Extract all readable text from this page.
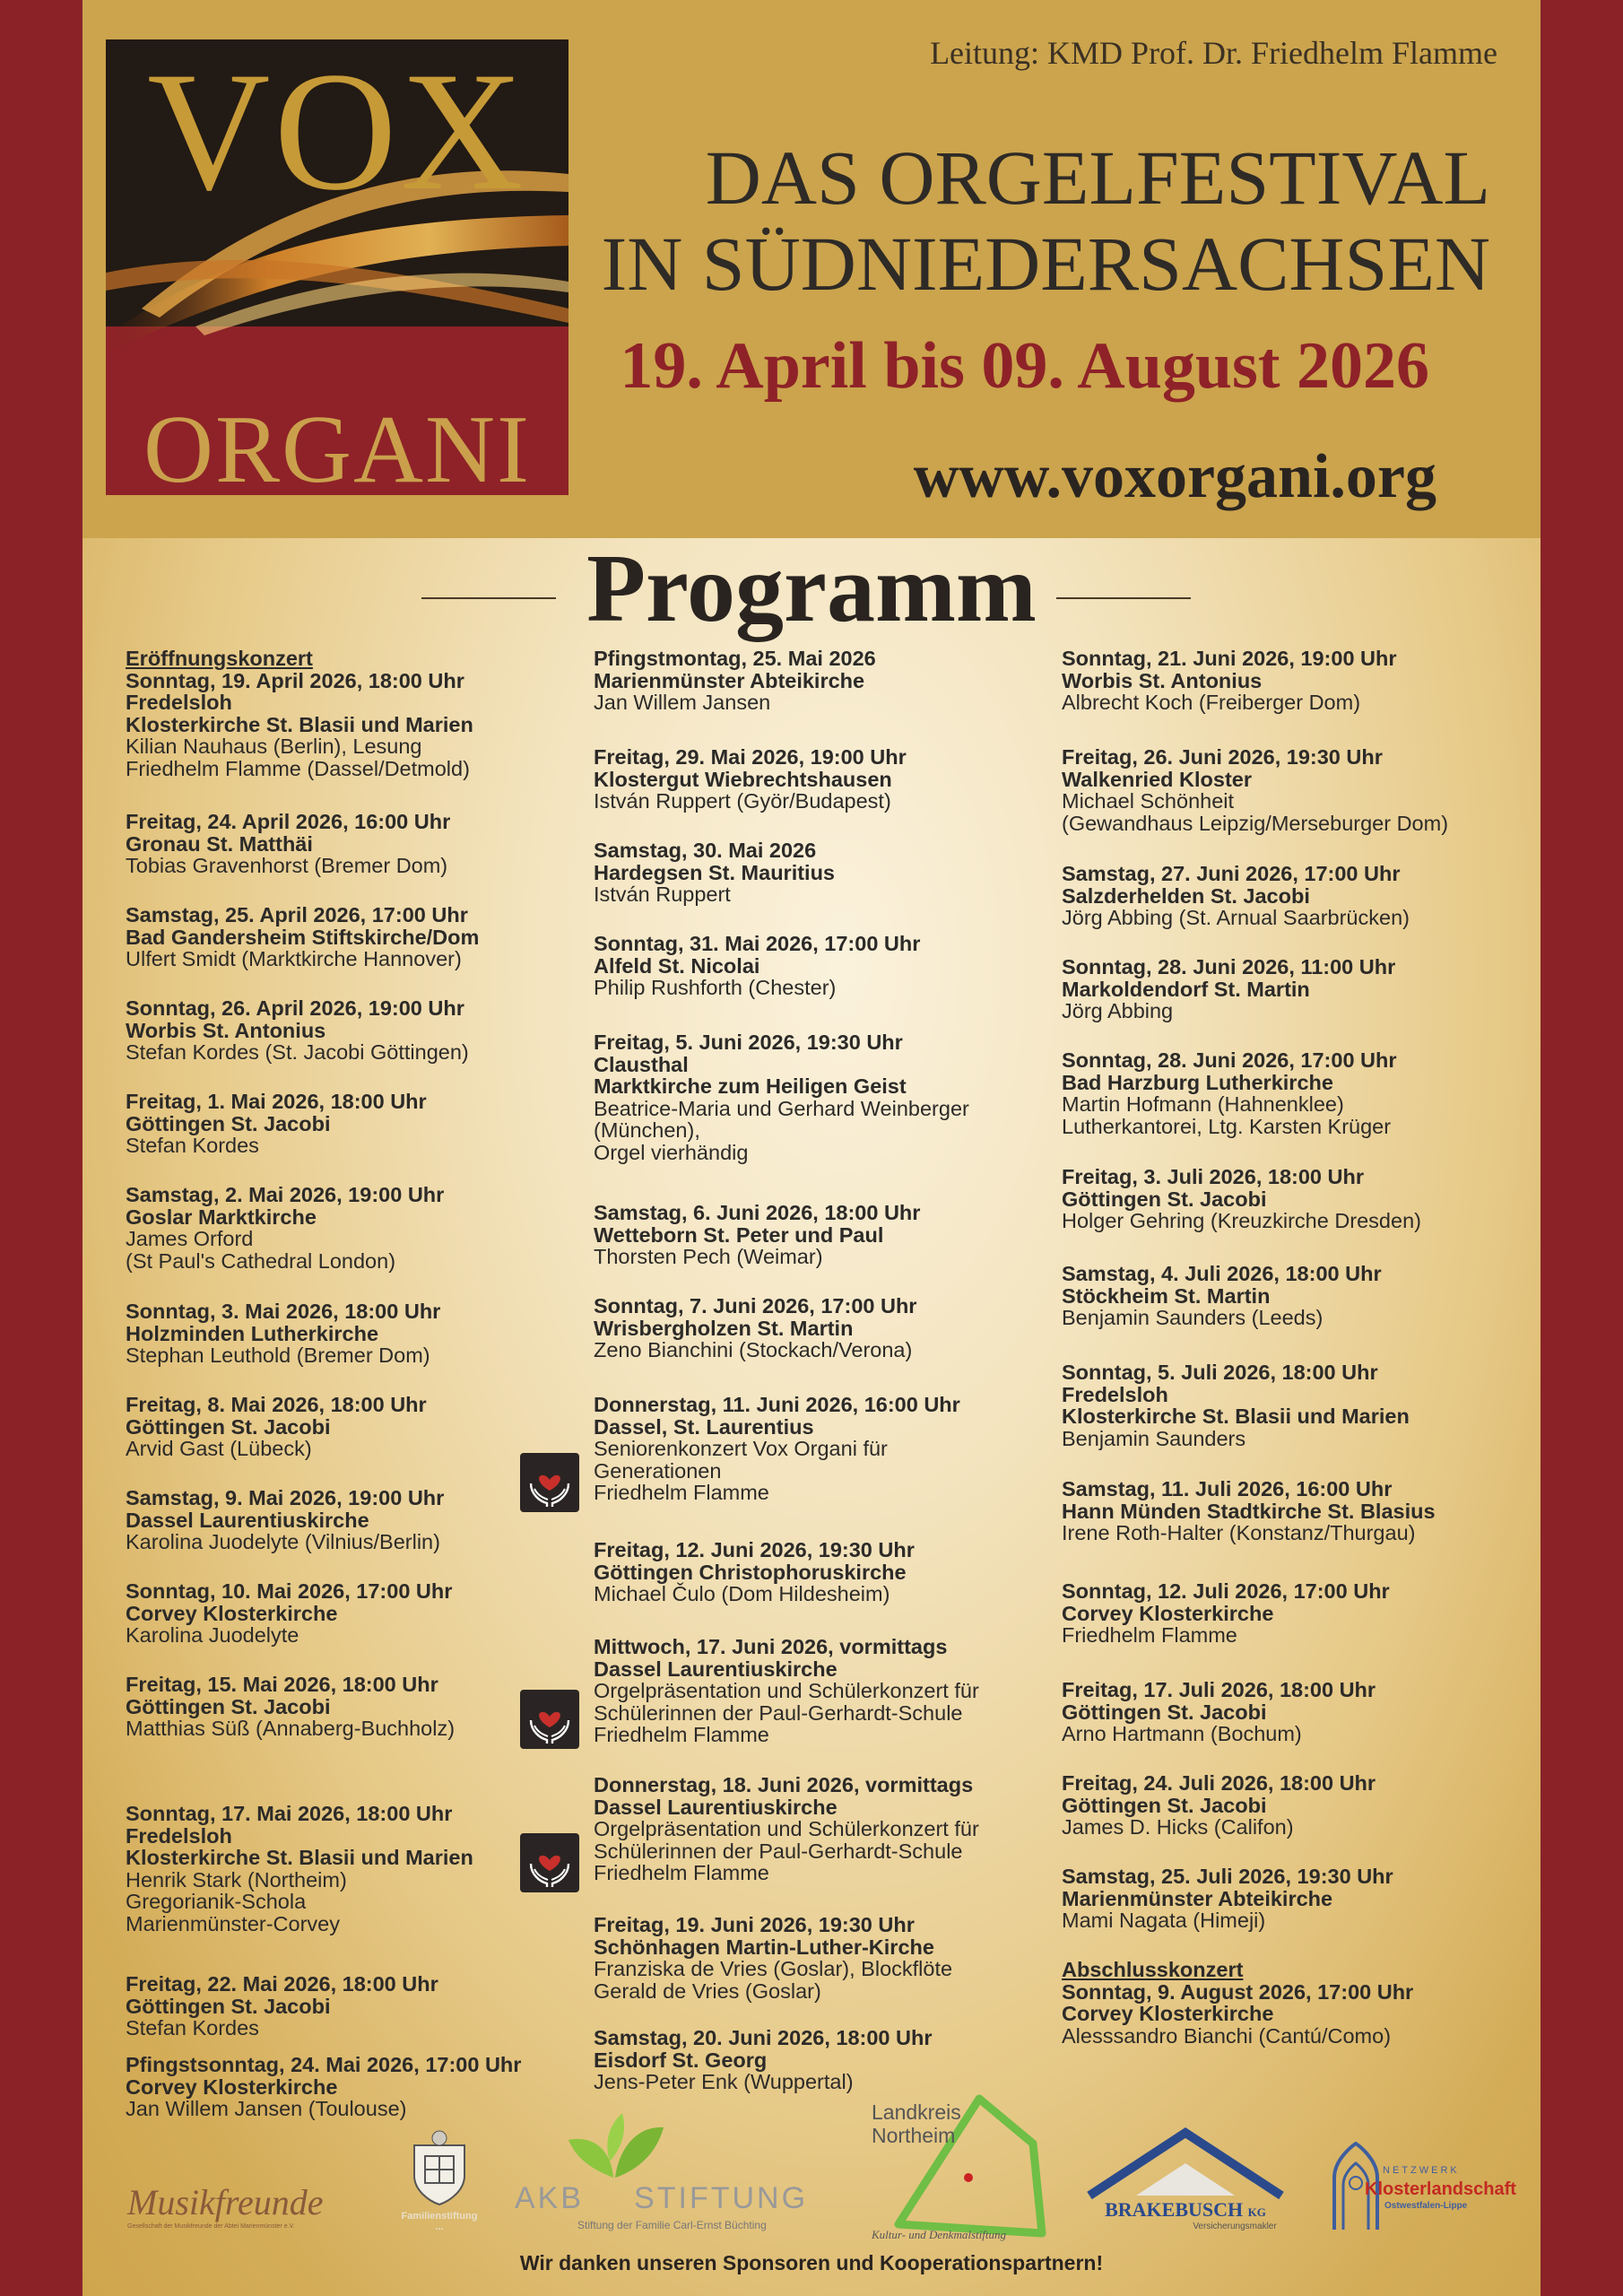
VOX
ORGANI
Leitung: KMD Prof. Dr. Friedhelm Flamme
DAS ORGELFESTIVAL
IN SÜDNIEDERSACHSEN
19. April bis 09. August 2026
www.voxorgani.org
Programm
Eröffnungskonzert
Sonntag, 19. April 2026, 18:00 Uhr
Fredelsloh
Klosterkirche St. Blasii und Marien
Kilian Nauhaus (Berlin), Lesung
Friedhelm Flamme (Dassel/Detmold)
Freitag, 24. April 2026, 16:00 Uhr
Gronau St. Matthäi
Tobias Gravenhorst (Bremer Dom)
Samstag, 25. April 2026, 17:00 Uhr
Bad Gandersheim Stiftskirche/Dom
Ulfert Smidt (Marktkirche Hannover)
Sonntag, 26. April 2026, 19:00 Uhr
Worbis St. Antonius
Stefan Kordes (St. Jacobi Göttingen)
Freitag, 1. Mai 2026, 18:00 Uhr
Göttingen St. Jacobi
Stefan Kordes
Samstag, 2. Mai 2026, 19:00 Uhr
Goslar Marktkirche
James Orford
(St Paul's Cathedral London)
Sonntag, 3. Mai 2026, 18:00 Uhr
Holzminden Lutherkirche
Stephan Leuthold (Bremer Dom)
Freitag, 8. Mai 2026, 18:00 Uhr
Göttingen St. Jacobi
Arvid Gast (Lübeck)
Samstag, 9. Mai 2026, 19:00 Uhr
Dassel Laurentiuskirche
Karolina Juodelyte (Vilnius/Berlin)
Sonntag, 10. Mai 2026, 17:00 Uhr
Corvey Klosterkirche
Karolina Juodelyte
Freitag, 15. Mai 2026, 18:00 Uhr
Göttingen St. Jacobi
Matthias Süß (Annaberg-Buchholz)
Sonntag, 17. Mai 2026, 18:00 Uhr
Fredelsloh
Klosterkirche St. Blasii und Marien
Henrik Stark (Northeim)
Gregorianik-Schola
Marienmünster-Corvey
Freitag, 22. Mai 2026, 18:00 Uhr
Göttingen St. Jacobi
Stefan Kordes
Pfingstsonntag, 24. Mai 2026, 17:00 Uhr
Corvey Klosterkirche
Jan Willem Jansen (Toulouse)
Pfingstmontag, 25. Mai 2026
Marienmünster Abteikirche
Jan Willem Jansen
Freitag, 29. Mai 2026, 19:00 Uhr
Klostergut Wiebrechtshausen
István Ruppert (Györ/Budapest)
Samstag, 30. Mai 2026
Hardegsen St. Mauritius
István Ruppert
Sonntag, 31. Mai 2026, 17:00 Uhr
Alfeld St. Nicolai
Philip Rushforth (Chester)
Freitag, 5. Juni 2026, 19:30 Uhr
Clausthal
Marktkirche zum Heiligen Geist
Beatrice-Maria und Gerhard Weinberger
(München),
Orgel vierhändig
Samstag, 6. Juni 2026, 18:00 Uhr
Wetteborn St. Peter und Paul
Thorsten Pech (Weimar)
Sonntag, 7. Juni 2026, 17:00 Uhr
Wrisbergholzen St. Martin
Zeno Bianchini (Stockach/Verona)
Donnerstag, 11. Juni 2026, 16:00 Uhr
Dassel, St. Laurentius
Seniorenkonzert Vox Organi für
Generationen
Friedhelm Flamme
Freitag, 12. Juni 2026, 19:30 Uhr
Göttingen Christophoruskirche
Michael Čulo (Dom Hildesheim)
Mittwoch, 17. Juni 2026, vormittags
Dassel Laurentiuskirche
Orgelpräsentation und Schülerkonzert für
Schülerinnen der Paul-Gerhardt-Schule
Friedhelm Flamme
Donnerstag, 18. Juni 2026, vormittags
Dassel Laurentiuskirche
Orgelpräsentation und Schülerkonzert für
Schülerinnen der Paul-Gerhardt-Schule
Friedhelm Flamme
Freitag, 19. Juni 2026, 19:30 Uhr
Schönhagen Martin-Luther-Kirche
Franziska de Vries (Goslar), Blockflöte
Gerald de Vries (Goslar)
Samstag, 20. Juni 2026, 18:00 Uhr
Eisdorf St. Georg
Jens-Peter Enk (Wuppertal)
Sonntag, 21. Juni 2026, 19:00 Uhr
Worbis St. Antonius
Albrecht Koch (Freiberger Dom)
Freitag, 26. Juni 2026, 19:30 Uhr
Walkenried Kloster
Michael Schönheit
(Gewandhaus Leipzig/Merseburger Dom)
Samstag, 27. Juni 2026, 17:00 Uhr
Salzderhelden St. Jacobi
Jörg Abbing (St. Arnual Saarbrücken)
Sonntag, 28. Juni 2026, 11:00 Uhr
Markoldendorf St. Martin
Jörg Abbing
Sonntag, 28. Juni 2026, 17:00 Uhr
Bad Harzburg Lutherkirche
Martin Hofmann (Hahnenklee)
Lutherkantorei, Ltg. Karsten Krüger
Freitag, 3. Juli 2026, 18:00 Uhr
Göttingen St. Jacobi
Holger Gehring (Kreuzkirche Dresden)
Samstag, 4. Juli 2026, 18:00 Uhr
Stöckheim St. Martin
Benjamin Saunders (Leeds)
Sonntag, 5. Juli 2026, 18:00 Uhr
Fredelsloh
Klosterkirche St. Blasii und Marien
Benjamin Saunders
Samstag, 11. Juli 2026, 16:00 Uhr
Hann Münden Stadtkirche St. Blasius
Irene Roth-Halter (Konstanz/Thurgau)
Sonntag, 12. Juli 2026, 17:00 Uhr
Corvey Klosterkirche
Friedhelm Flamme
Freitag, 17. Juli 2026, 18:00 Uhr
Göttingen St. Jacobi
Arno Hartmann (Bochum)
Freitag, 24. Juli 2026, 18:00 Uhr
Göttingen St. Jacobi
James D. Hicks (Califon)
Samstag, 25. Juli 2026, 19:30 Uhr
Marienmünster Abteikirche
Mami Nagata (Himeji)
Abschlusskonzert
Sonntag, 9. August 2026, 17:00 Uhr
Corvey Klosterkirche
Alesssandro Bianchi (Cantú/Como)
Musikfreunde
Gesellschaft der Musikfreunde der Abtei Marienmünster e.V.
Familienstiftung ...
AKB STIFTUNG
Stiftung der Familie Carl-Ernst Büchting
Landkreis
Northeim
Kultur- und Denkmalstiftung
BRAKEBUSCH KG
Versicherungsmakler
NETZWERK
Klosterlandschaft
Ostwestfalen-Lippe
Wir danken unseren Sponsoren und Kooperationspartnern!
